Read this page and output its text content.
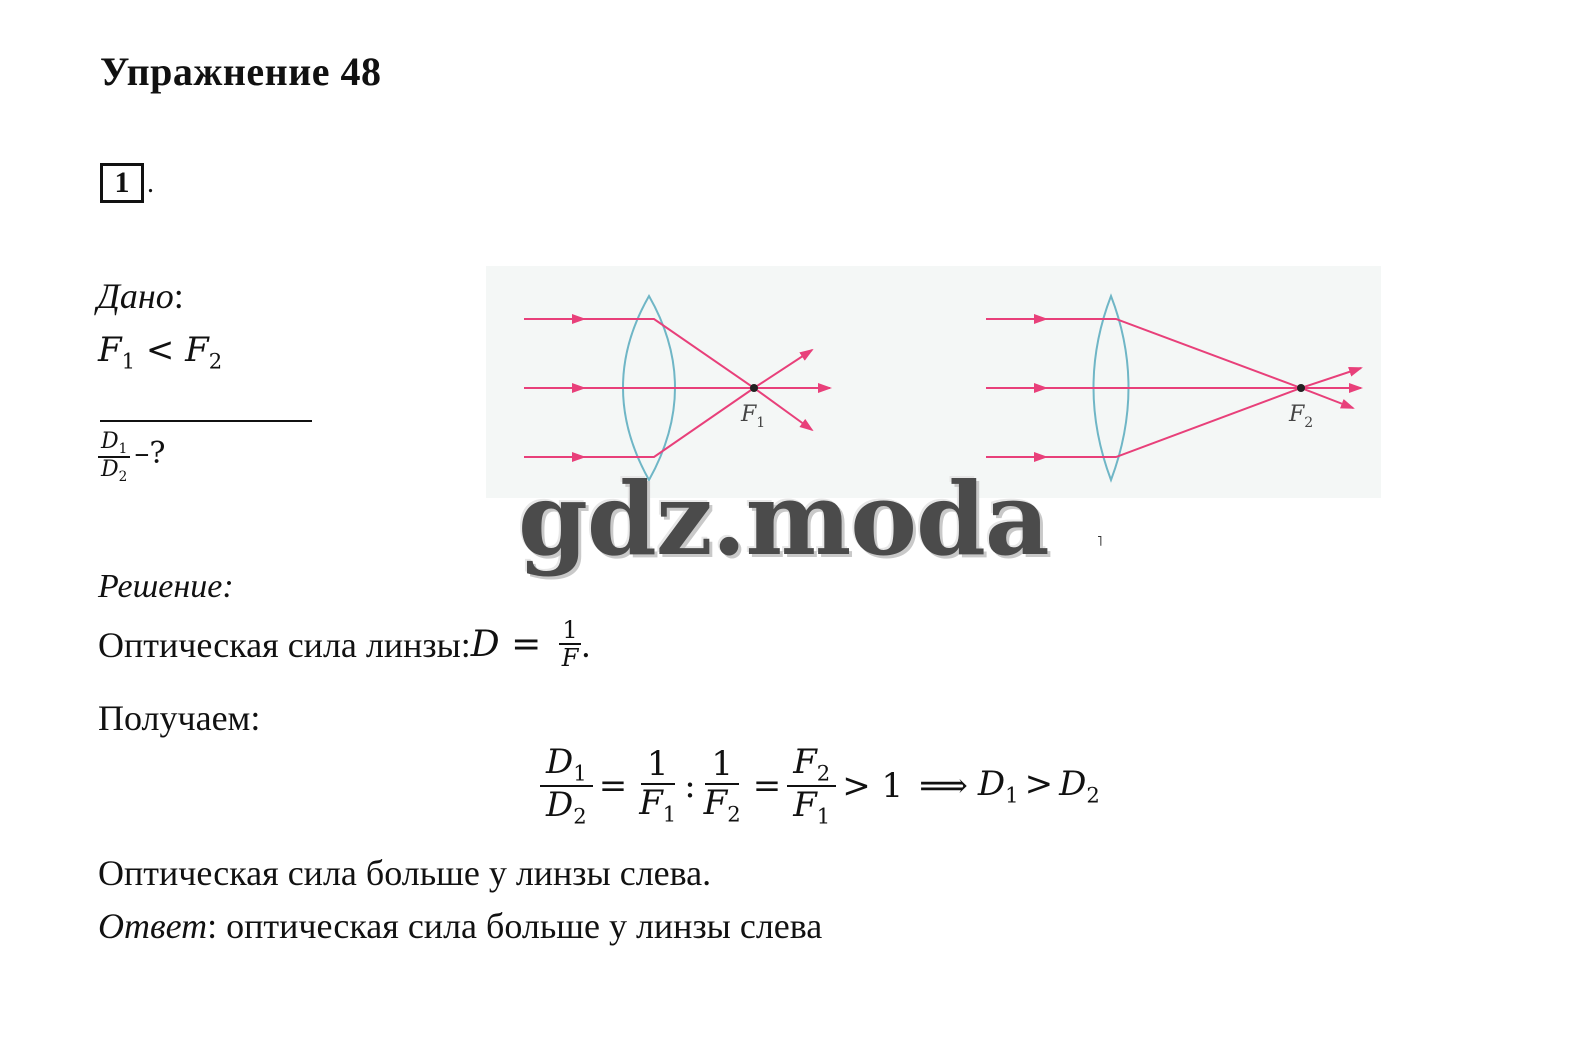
Упражнение 48
1 .
Дано:
$F_1 < F_2$
$\frac{D_1}{D_2}$ –?
$F_1$	$F_2$
gdz.moda	˥
Решение:
Оптическая сила линзы: $D = \frac{1}{F}$ .
Получаем:
$\frac{D_1}{D_2} = \frac{1}{F_1}$ : $\frac{1}{F_2} = \frac{F_2}{F_1} > 1$ ⟹ $D_1 > D_2$
Оптическая сила больше у линзы слева.
Ответ: оптическая сила больше у линзы слева
